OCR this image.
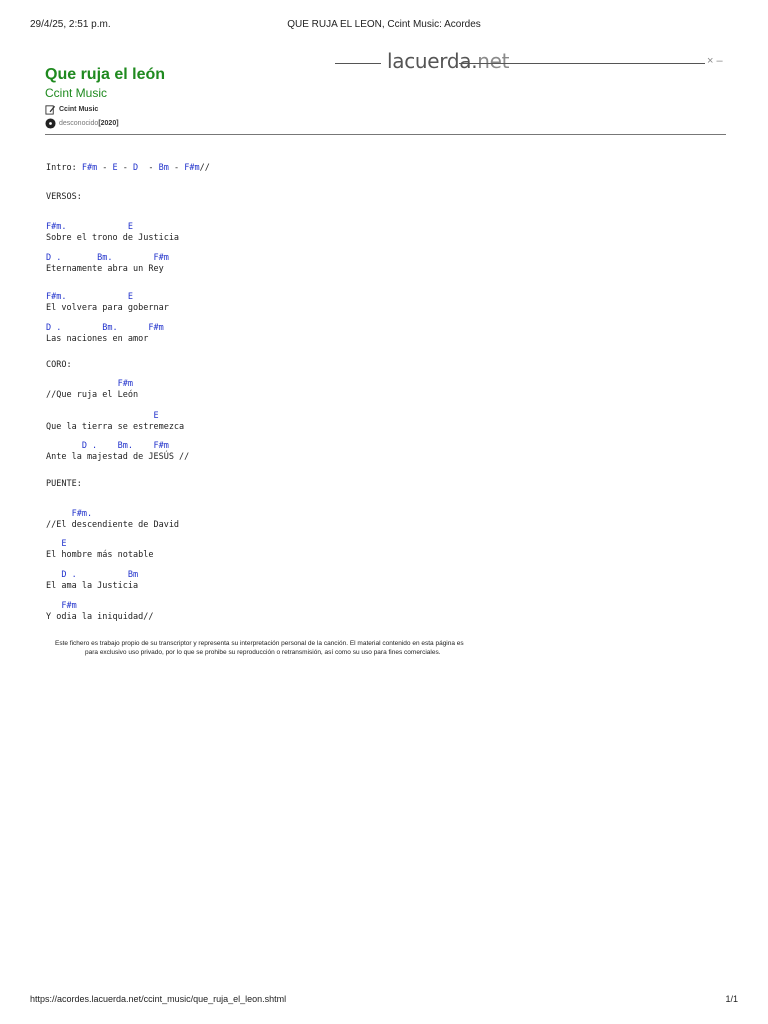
29/4/25, 2:51 p.m.	QUE RUJA EL LEON, Ccint Music: Acordes
lacuerda.net	× –
Que ruja el león
Ccint Music
Ccint Music
desconocido [2020]
Intro: F#m - E - D  - Bm - F#m//
VERSOS:
F#m.            E
Sobre el trono de Justicia
D .       Bm.        F#m
Eternamente abra un Rey
F#m.            E
El volvera para gobernar
D .        Bm.      F#m
Las naciones en amor
CORO:
F#m
//Que ruja el León
E
Que la tierra se estremezca
D .    Bm.    F#m
Ante la majestad de JESÚS //
PUENTE:
F#m.
//El descendiente de David
E
El hombre más notable
D .          Bm
El ama la Justicia
F#m
Y odia la iniquidad//
Este fichero es trabajo propio de su transcriptor y representa su interpretación personal de la canción. El material contenido en esta página es
para exclusivo uso privado, por lo que se prohibe su reproducción o retransmisión, así como su uso para fines comerciales.
https://acordes.lacuerda.net/ccint_music/que_ruja_el_leon.shtml	1/1
